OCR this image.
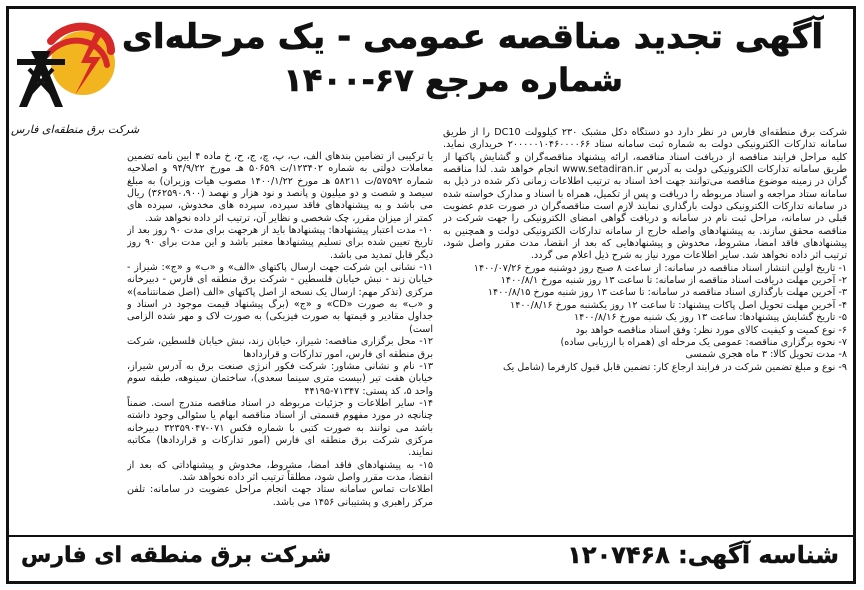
شرکت برق منطقه‌ای فارس
آگهی تجدید مناقصه عمومی - یک مرحله‌ای
شماره مرجع ۶۷-۱۴۰۰

شرکت برق منطقه‌ای فارس در نظر دارد دو دستگاه دکل مشبک ۲۳۰ کیلوولت DC10 را از طریق سامانه تدارکات الکترونیکی دولت به شماره ثبت سامانه ستاد ۲۰۰۰۰۰۱۰۴۶۰۰۰۰۶۶ خریداری نماید. کلیه مراحل فرایند مناقصه از دریافت اسناد مناقصه، ارائه پیشنهاد مناقصه‌گران و گشایش پاکتها از طریق سامانه تدارکات الکترونیکی دولت به آدرس www.setadiran.ir انجام خواهد شد. لذا مناقصه گران در زمینه موضوع مناقصه می‌توانند جهت اخذ اسناد به ترتیب اطلاعات زمانی ذکر شده در ذیل به سامانه ستاد مراجعه و اسناد مربوطه را دریافت و پس از تکمیل، همراه با اسناد و مدارک خواسته شده در سامانه تدارکات الکترونیکی دولت بارگذاری نمایند لازم است مناقصه‌گران در صورت عدم عضویت قبلی در سامانه، مراحل ثبت نام در سامانه و دریافت گواهی امضای الکترونیکی را جهت شرکت در مناقصه محقق سازند. به پیشنهادهای واصله خارج از سامانه تدارکات الکترونیکی دولت و همچنین به پیشنهادهای فاقد امضا، مشروط، مخدوش و پیشنهادهایی که بعد از انقضا، مدت مقرر واصل شود، ترتیب اثر داده نخواهد شد. سایر اطلاعات مورد نیاز به شرح ذیل اعلام می گردد.

۱- تاریخ اولین انتشار اسناد مناقصه در سامانه: از ساعت ۸ صبح روز دوشنبه مورخ ۱۴۰۰/۰۷/۲۶

۲- آخرین مهلت دریافت اسناد مناقصه از سامانه: تا ساعت ۱۳ روز شنبه مورخ ۱۴۰۰/۸/۱

۳- آخرین مهلت بارگذاری اسناد مناقصه در سامانه: تا ساعت ۱۳ روز شنبه مورخ ۱۴۰۰/۸/۱۵

۴- آخرین مهلت تحویل اصل پاکات پیشنهاد: تا ساعت ۱۲ روز یکشنبه مورخ ۱۴۰۰/۸/۱۶

۵- تاریخ گشایش پیشنهادها: ساعت ۱۳ روز یک شنبه مورخ ۱۴۰۰/۸/۱۶

۶- نوع کمیت و کیفیت کالای مورد نظر: وفق اسناد مناقصه خواهد بود

۷- نحوه برگزاری مناقصه: عمومی یک مرحله ای (همراه با ارزیابی ساده)

۸- مدت تحویل کالا: ۳ ماه هجری شمسی

۹- نوع و مبلغ تضمین شرکت در فرایند ارجاع کار: تضمین قابل قبول کارفرما (شامل یک

یا ترکیبی از تضامین بندهای الف، ب، پ، چ، ج، ح، خ ماده ۴ آیین نامه تضمین معاملات دولتی به شماره ۱۲۳۴۰۲/ت ۵۰۶۵۹ هـ مورخ ۹۴/۹/۲۲ و اصلاحیه شماره ۵۷۵۹۲/ت ۵۸۲۱۱ هـ مورخ ۱۴۰۰/۱/۲۲ مصوب هیات وزیران) به مبلغ سیصد و شصت و دو میلیون و پانصد و نود هزار و نهصد (۳۶۲۵۹۰،۹۰۰) ریال می باشد و به پیشنهادهای فاقد سپرده، سپرده های مخدوش، سپرده های کمتر از میزان مقرر، چک شخصی و نظایر آن، ترتیب اثر داده نخواهد شد.

۱۰- مدت اعتبار پیشنهادها: پیشنهادها باید از هرجهت برای مدت ۹۰ روز بعد از تاریخ تعیین شده برای تسلیم پیشنهادها معتبر باشد و این مدت برای ۹۰ روز دیگر قابل تمدید می باشد.

۱۱- نشانی این شرکت جهت ارسال پاکتهای «الف» و «ب» و «ج»: شیراز - خیابان زند - نبش خیابان فلسطین - شرکت برق منطقه ای فارس - دبیرخانه مرکزی (تذکر مهم: ارسال یک نسخه از اصل پاکتهای «الف (اصل ضمانتنامه)» و «ب» به صورت «CD» و «ج» (برگ پیشنهاد قیمت موجود در اسناد و جداول مقادیر و قیمتها به صورت فیزیکی) به صورت لاک و مهر شده الزامی است)

۱۲- محل برگزاری مناقصه: شیراز، خیابان زند، نبش خیابان فلسطین، شرکت برق منطقه ای فارس، امور تدارکات و قراردادها

۱۳- نام و نشانی مشاور: شرکت فکور انرژی صنعت برق به آدرس شیراز، خیابان هفت تیر (بیست متری سینما سعدی)، ساختمان سینوهه، طبقه سوم واحد ۵، کد پستی: ۷۱۳۴۷-۴۴۱۹۵

۱۴- سایر اطلاعات و جزئیات مربوطه در اسناد مناقصه مندرج است. ضمناً چنانچه در مورد مفهوم قسمتی از اسناد مناقصه ابهام یا سئوالی وجود داشته باشد می توانند به صورت کتبی با شماره فکس ۰۷۱-۳۲۳۵۹۰۴۷ دبیرخانه مرکزی شرکت برق منطقه ای فارس (امور تدارکات و قراردادها) مکاتبه نمایند.

۱۵- به پیشنهادهای فاقد امضا، مشروط، مخدوش و پیشنهاداتی که بعد از انقضا، مدت مقرر واصل شود، مطلقاً ترتیب اثر داده نخواهد شد.

اطلاعات تماس سامانه ستاد جهت انجام مراحل عضویت در سامانه: تلفن مرکز راهبری و پشتیبانی ۱۴۵۶ می باشد.

شناسه آگهی: ۱۲۰۷۴۶۸
شرکت برق منطقه ای فارس
